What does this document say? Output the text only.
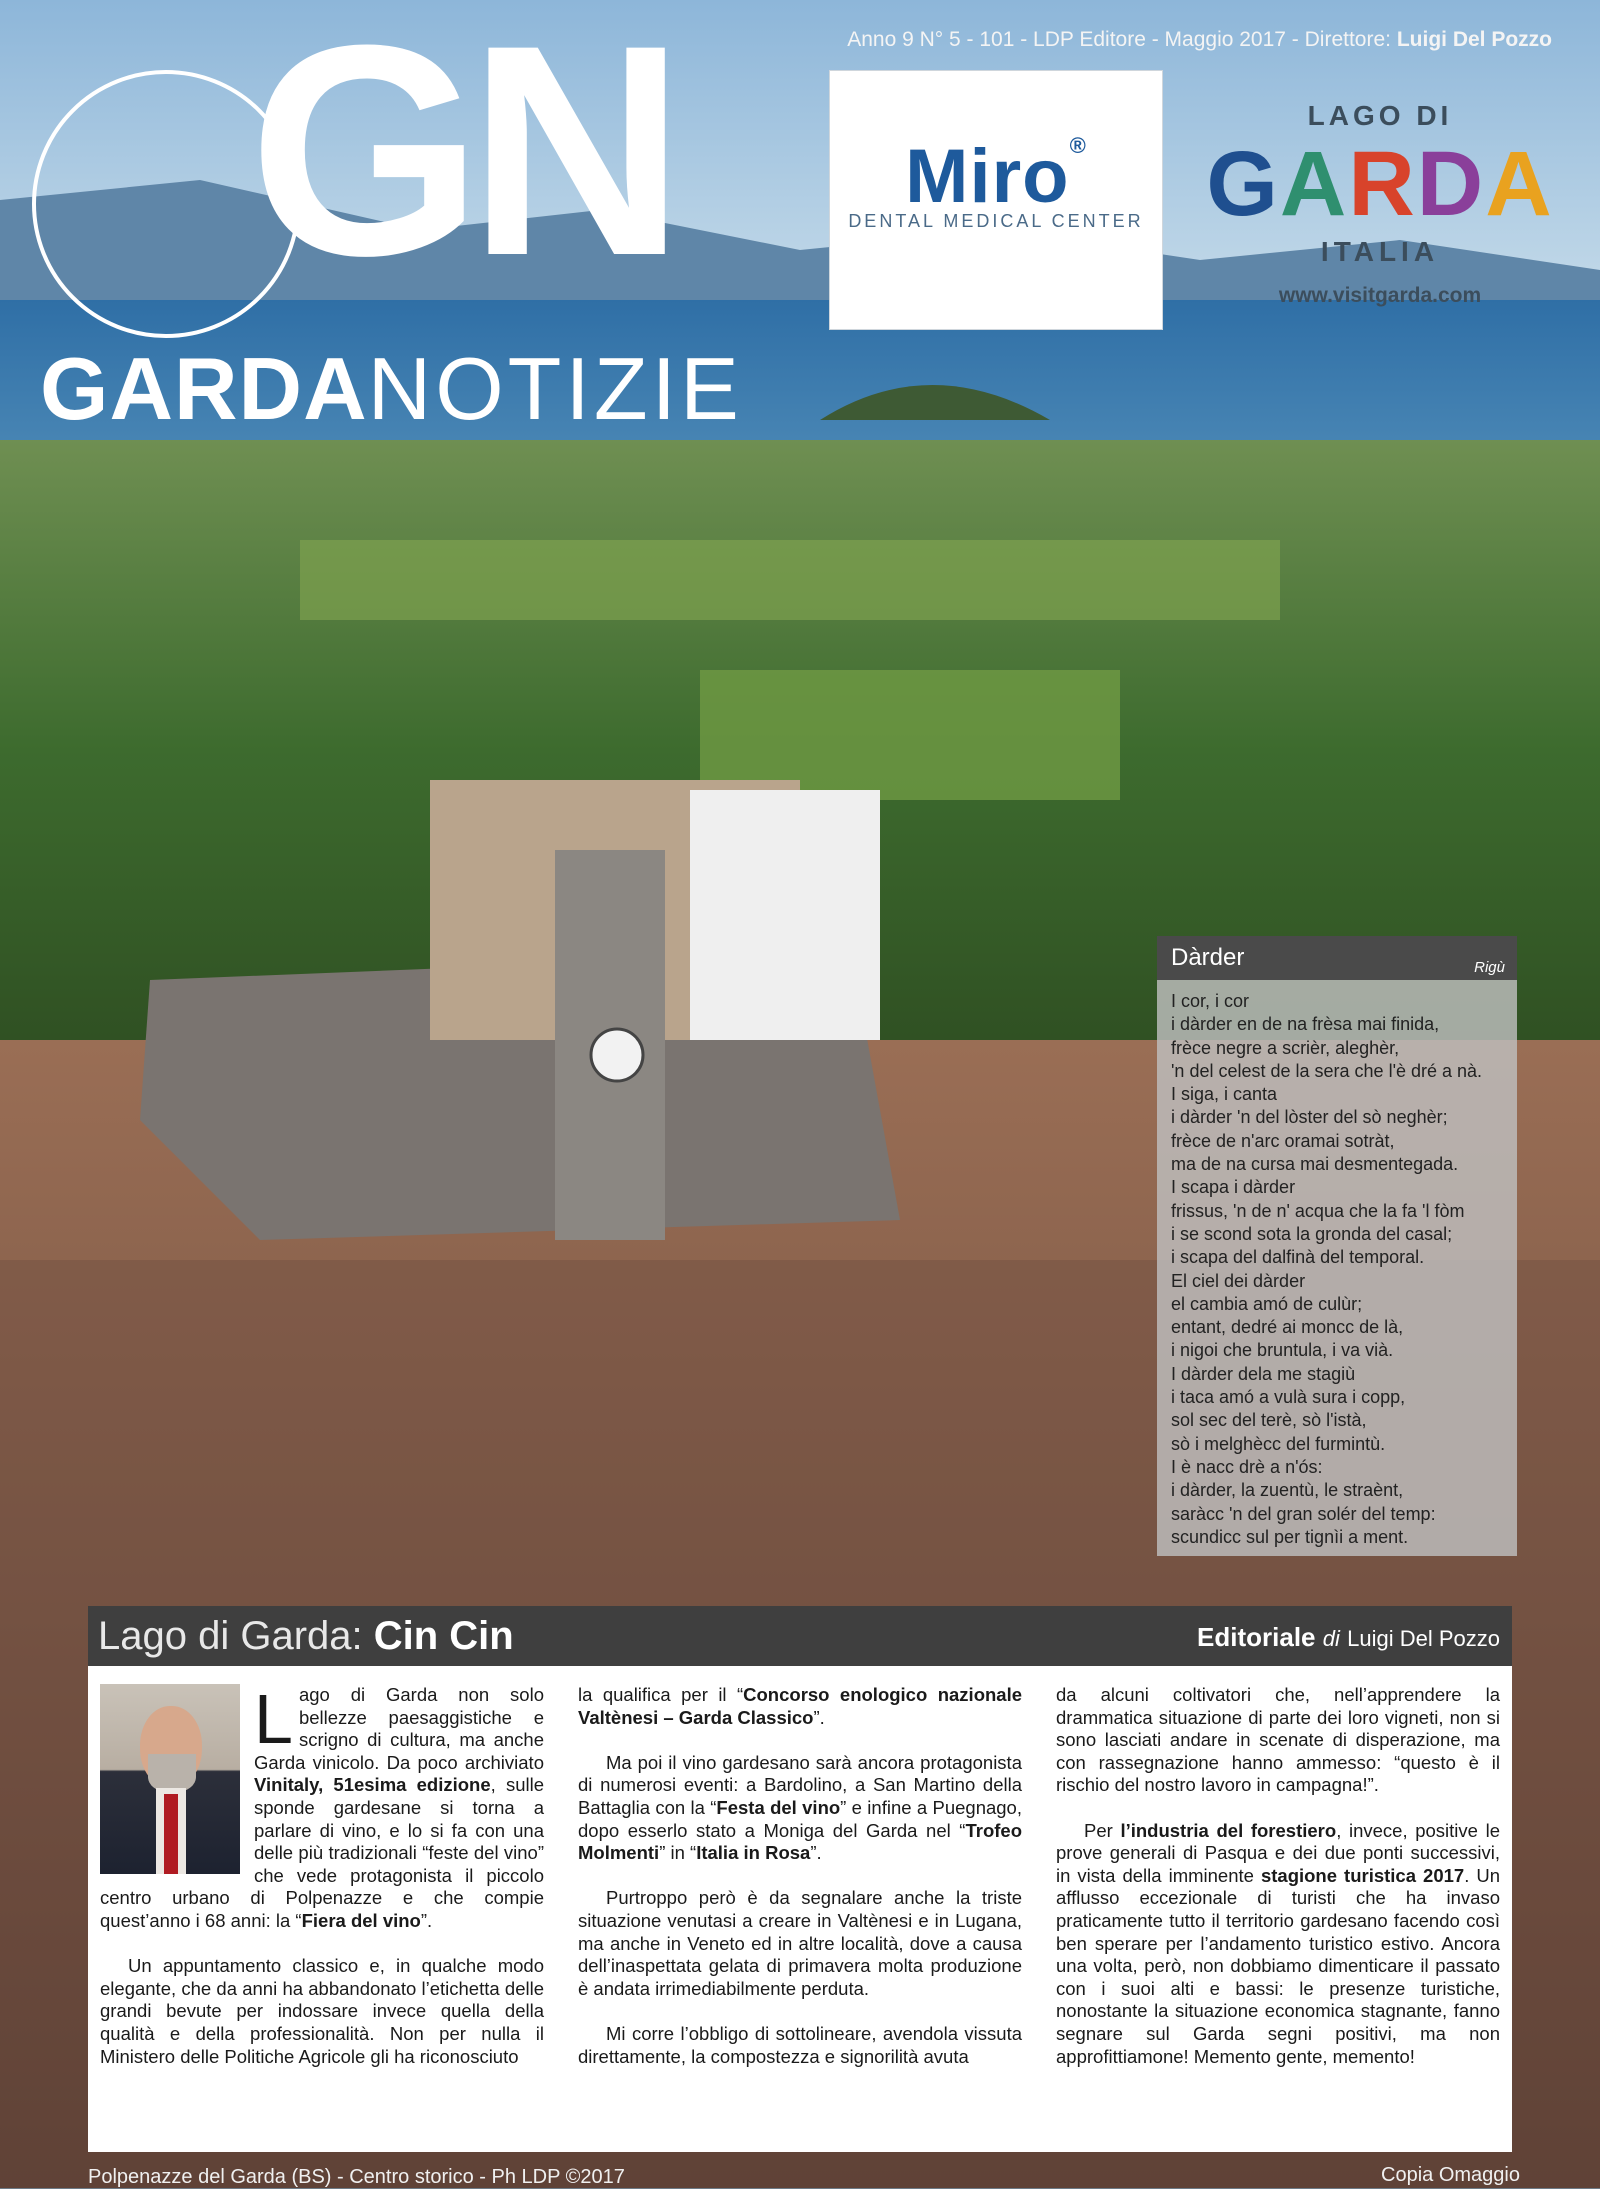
Anno 9 N° 5 - 101 - LDP Editore - Maggio 2017 - Direttore: Luigi Del Pozzo
GN
GARDANOTIZIE
Miro®
DENTAL MEDICAL CENTER
LAGO DI
GARDA
ITALIA
www.visitgarda.com
Dàrder	Rigù
I cor, i cor
i dàrder en de na frèsa mai finida,
frèce negre a scrièr, aleghèr,
'n del celest de la sera che l'è dré a nà.
I siga, i canta
i dàrder 'n del lòster del sò neghèr;
frèce de n'arc oramai sotràt,
ma de na cursa mai desmentegada.
I scapa i dàrder
frissus, 'n de n' acqua che la fa 'l fòm
i se scond sota la gronda del casal;
i scapa del dalfinà del temporal.
El ciel dei dàrder
el cambia amó de culùr;
entant, dedré ai moncc de là,
i nigoi che bruntula, i va vià.
I dàrder dela me stagiù
i taca amó a vulà sura i copp,
sol sec del terè, sò l'istà,
sò i melghècc del furmintù.
I è nacc drè a n'ós:
i dàrder, la zuentù, le straènt,
saràcc 'n del gran solér del temp:
scundicc sul per tignìi a ment.
Lago di Garda: Cin Cin	Editoriale di Luigi Del Pozzo

Lago di Garda non solo bellezze paesaggistiche e scrigno di cultura, ma anche Garda vinicolo. Da poco archiviato Vinitaly, 51esima edizione, sulle sponde gardesane si torna a parlare di vino, e lo si fa con una delle più tradizionali “feste del vino” che vede protagonista il piccolo centro urbano di Polpenazze e che compie quest’anno i 68 anni: la “Fiera del vino”.

Un appuntamento classico e, in qualche modo elegante, che da anni ha abbandonato l’etichetta delle grandi bevute per indossare invece quella della qualità e della professionalità. Non per nulla il Ministero delle Politiche Agricole gli ha riconosciuto

la qualifica per il “Concorso enologico nazionale Valtènesi – Garda Classico”.

Ma poi il vino gardesano sarà ancora protagonista di numerosi eventi: a Bardolino, a San Martino della Battaglia con la “Festa del vino” e infine a Puegnago, dopo esserlo stato a Moniga del Garda nel “Trofeo Molmenti” in “Italia in Rosa”.

Purtroppo però è da segnalare anche la triste situazione venutasi a creare in Valtènesi e in Lugana, ma anche in Veneto ed in altre località, dove a causa dell’inaspettata gelata di primavera molta produzione è andata irrimediabilmente perduta.

Mi corre l’obbligo di sottolineare, avendola vissuta direttamente, la compostezza e signorilità avuta

da alcuni coltivatori che, nell’apprendere la drammatica situazione di parte dei loro vigneti, non si sono lasciati andare in scenate di disperazione, ma con rassegnazione hanno ammesso: “questo è il rischio del nostro lavoro in campagna!”.

Per l’industria del forestiero, invece, positive le prove generali di Pasqua e dei due ponti successivi, in vista della imminente stagione turistica 2017. Un afflusso eccezionale di turisti che ha invaso praticamente tutto il territorio gardesano facendo così ben sperare per l’andamento turistico estivo. Ancora una volta, però, non dobbiamo dimenticare il passato con i suoi alti e bassi: le presenze turistiche, nonostante la situazione economica stagnante, fanno segnare sul Garda segni positivi, ma non approfittiamone! Memento gente, memento!

Polpenazze del Garda (BS) - Centro storico - Ph LDP ©2017	Copia Omaggio
